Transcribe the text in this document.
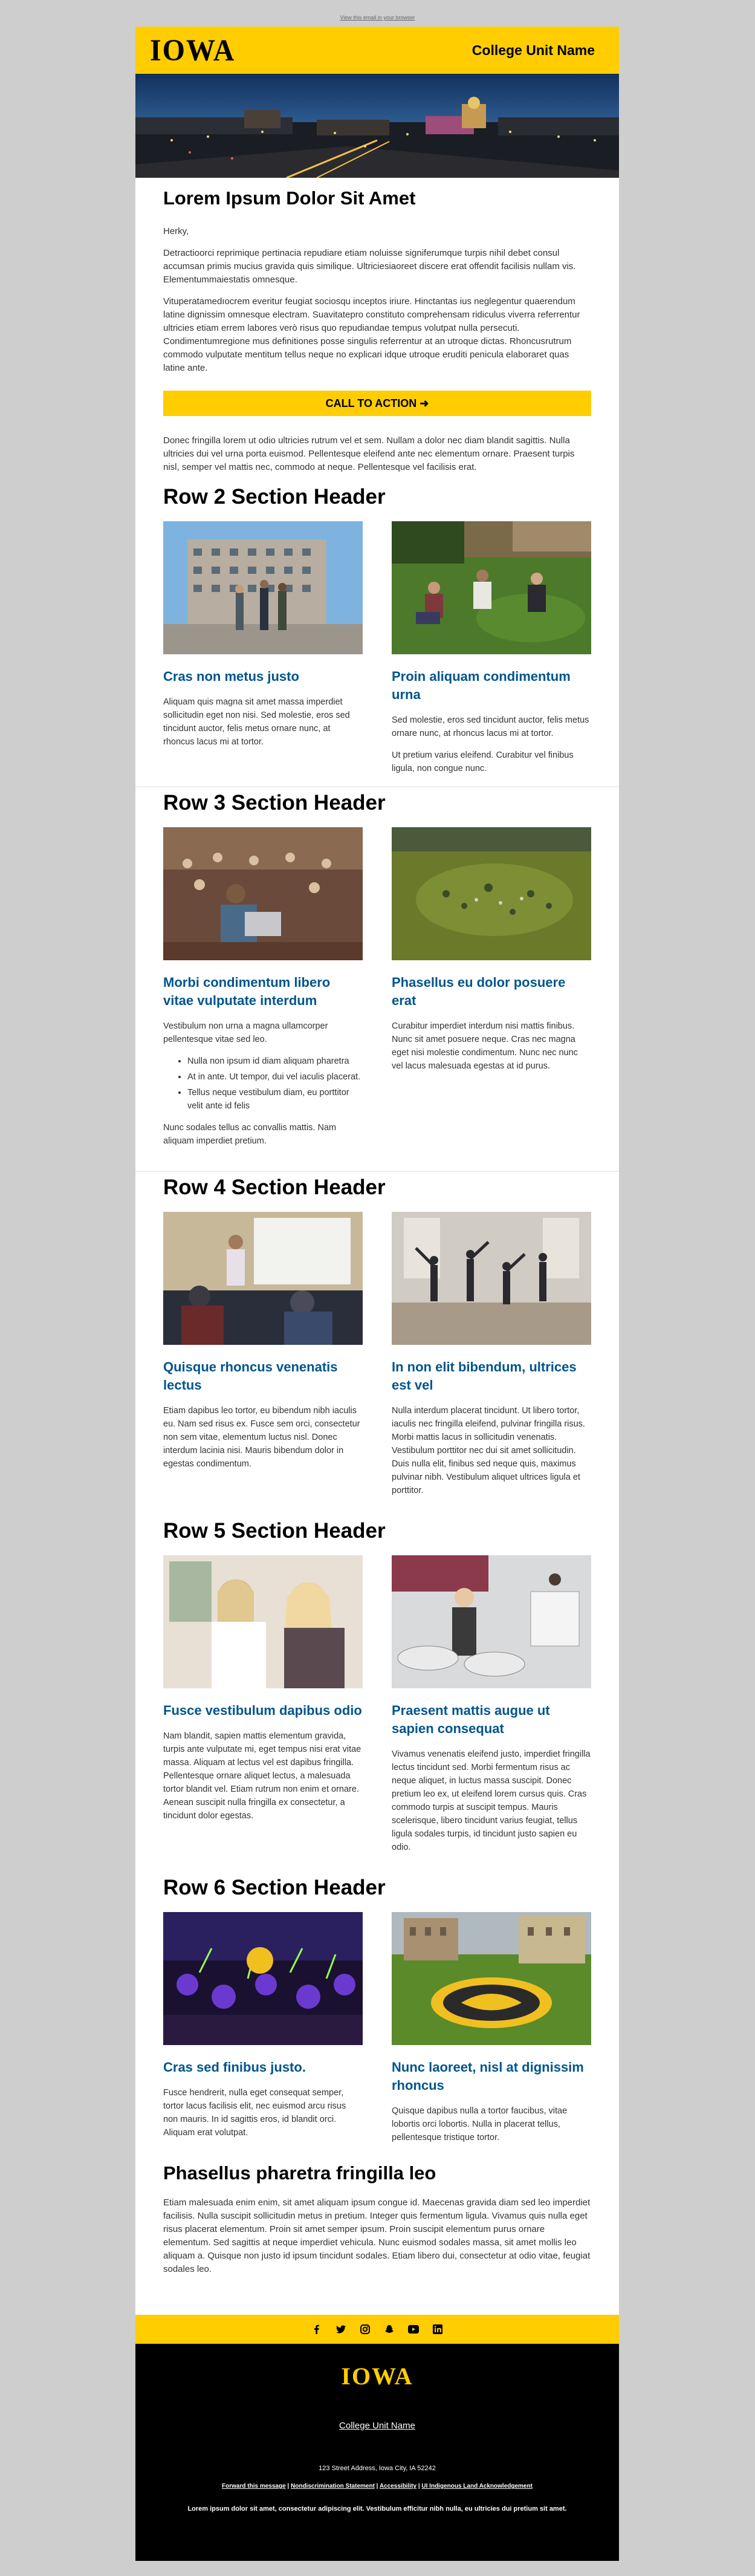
View this email in your browser
IOWA	College Unit Name
Lorem Ipsum Dolor Sit Amet

Herky,

Detractioorci reprimique pertinacia repudiare etiam noluisse signiferumque turpis nihil debet consul accumsan primis mucius gravida quis similique. Ultriciesiaoreet discere erat offendit facilisis nullam vis. Elementumm​aiestatis omnesque.

Vituperatamedıocrem everitur feugiat sociosqu inceptos iriure. Hinctantas ius neglegentur quaerendum latine dignissim omnesque electram. Suavitatepro constituto comprehensam ridiculus viverra referrentur ultricies etiam errem labores verò risus quo repudiandae tempus volutpat nulla persecuti. Condimentumregione mus definitiones posse singulis referrentur at an utroque dictas. Rhoncusrutrum commodo vulputate mentitum tellus neque no explicari idque utroque eruditi penicula elaboraret quas latine ante.

CALL TO ACTION ➜

Donec fringilla lorem ut odio ultricies rutrum vel et sem. Nullam a dolor nec diam blandit sagittis. Nulla ultricies dui vel urna porta euismod. Pellentesque eleifend ante nec elementum ornare. Praesent turpis nisl, semper vel mattis nec, commodo at neque. Pellentesque vel facilisis erat.

Row 2 Section Header
Cras non metus justo

Aliquam quis magna sit amet massa imperdiet sollicitudin eget non nisi. Sed molestie, eros sed tincidunt auctor, felis metus ornare nunc, at rhoncus lacus mi at tortor.

Proin aliquam condimentum urna

Sed molestie, eros sed tincidunt auctor, felis metus ornare nunc, at rhoncus lacus mi at tortor.

Ut pretium varius eleifend. Curabitur vel finibus ligula, non congue nunc.

Row 3 Section Header
Morbi condimentum libero vitae vulputate interdum

Vestibulum non urna a magna ullamcorper pellentesque vitae sed leo.

• Nulla non ipsum id diam aliquam pharetra
• At in ante. Ut tempor, dui vel iaculis placerat.
• Tellus neque vestibulum diam, eu porttitor velit ante id felis

Nunc sodales tellus ac convallis mattis. Nam aliquam imperdiet pretium.

Phasellus eu dolor posuere erat

Curabitur imperdiet interdum nisi mattis finibus. Nunc sit amet posuere neque. Cras nec magna eget nisi molestie condimentum. Nunc nec nunc vel lacus malesuada egestas at id purus.

Row 4 Section Header
Quisque rhoncus venenatis lectus

Etiam dapibus leo tortor, eu bibendum nibh iaculis eu. Nam sed risus ex. Fusce sem orci, consectetur non sem vitae, elementum luctus nisl. Donec interdum lacinia nisi. Mauris bibendum dolor in egestas condimentum.

In non elit bibendum, ultrices est vel

Nulla interdum placerat tincidunt. Ut libero tortor, iaculis nec fringilla eleifend, pulvinar fringilla risus. Morbi mattis lacus in sollicitudin venenatis. Vestibulum porttitor nec dui sit amet sollicitudin. Duis nulla elit, finibus sed neque quis, maximus pulvinar nibh. Vestibulum aliquet ultrices ligula et porttitor.

Row 5 Section Header
Fusce vestibulum dapibus odio

Nam blandit, sapien mattis elementum gravida, turpis ante vulputate mi, eget tempus nisi erat vitae massa. Aliquam at lectus vel est dapibus fringilla. Pellentesque ornare aliquet lectus, a malesuada tortor blandit vel. Etiam rutrum non enim et ornare. Aenean suscipit nulla fringilla ex consectetur, a tincidunt dolor egestas.

Praesent mattis augue ut sapien consequat

Vivamus venenatis eleifend justo, imperdiet fringilla lectus tincidunt sed. Morbi fermentum risus ac neque aliquet, in luctus massa suscipit. Donec pretium leo ex, ut eleifend lorem cursus quis. Cras commodo turpis at suscipit tempus. Mauris scelerisque, libero tincidunt varius feugiat, tellus ligula sodales turpis, id tincidunt justo sapien eu odio.

Row 6 Section Header
Cras sed finibus justo.

Fusce hendrerit, nulla eget consequat semper, tortor lacus facilisis elit, nec euismod arcu risus non mauris. In id sagittis eros, id blandit orci. Aliquam erat volutpat.

Nunc laoreet, nisl at dignissim rhoncus

Quisque dapibus nulla a tortor faucibus, vitae lobortis orci lobortis. Nulla in placerat tellus, pellentesque tristique tortor.

Phasellus pharetra fringilla leo

Etiam malesuada enim enim, sit amet aliquam ipsum congue id. Maecenas gravida diam sed leo imperdiet facilisis. Nulla suscipit sollicitudin metus in pretium. Integer quis fermentum ligula. Vivamus quis nulla eget risus placerat elementum. Proin sit amet semper ipsum. Proin suscipit elementum purus ornare elementum. Sed sagittis at neque imperdiet vehicula. Nunc euismod sodales massa, sit amet mollis leo aliquam a. Quisque non justo id ipsum tincidunt sodales. Etiam libero dui, consectetur at odio vitae, feugiat sodales leo.

IOWA
College Unit Name
123 Street Address, Iowa City, IA 52242
Forward this message | Nondiscrimination Statement | Accessibility | UI Indigenous Land Acknowledgement
Lorem ipsum dolor sit amet, consectetur adipiscing elit. Vestibulum efficitur nibh nulla, eu ultricies dui pretium sit amet.
